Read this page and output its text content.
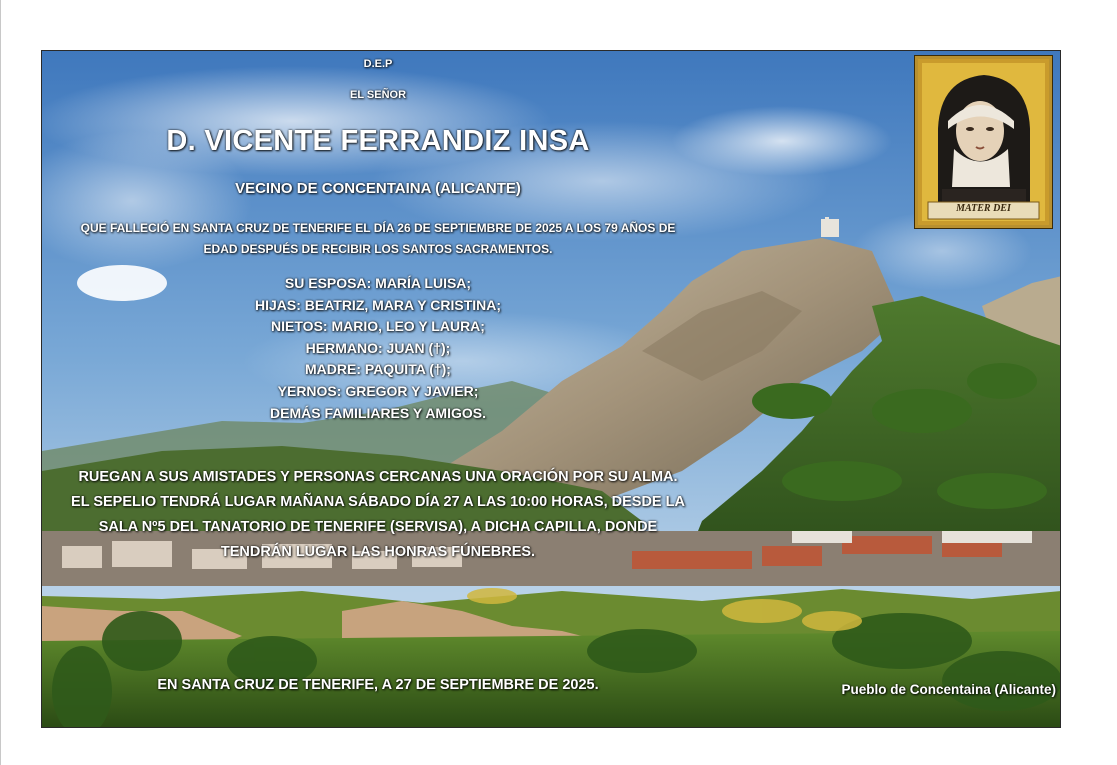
MATER DEI
D.E.P
EL SEÑOR
D. VICENTE FERRANDIZ INSA
VECINO DE CONCENTAINA (ALICANTE)
QUE FALLECIÓ EN SANTA CRUZ DE TENERIFE EL DÍA 26 DE SEPTIEMBRE DE 2025 A LOS 79 AÑOS DE
EDAD DESPUÉS DE RECIBIR LOS SANTOS SACRAMENTOS.
SU ESPOSA: MARÍA LUISA;
HIJAS: BEATRIZ, MARA Y CRISTINA;
NIETOS: MARIO, LEO Y LAURA;
HERMANO: JUAN (†);
MADRE: PAQUITA (†);
YERNOS: GREGOR Y JAVIER;
DEMÁS FAMILIARES Y AMIGOS.
RUEGAN A SUS AMISTADES Y PERSONAS CERCANAS UNA ORACIÓN POR SU ALMA.
EL SEPELIO TENDRÁ LUGAR MAÑANA SÁBADO DÍA 27 A LAS 10:00 HORAS, DESDE LA
SALA Nº5 DEL TANATORIO DE TENERIFE (SERVISA), A DICHA CAPILLA, DONDE
TENDRÁN LUGAR LAS HONRAS FÚNEBRES.
EN SANTA CRUZ DE TENERIFE, A 27 DE SEPTIEMBRE DE 2025.	Pueblo de Concentaina (Alicante)
